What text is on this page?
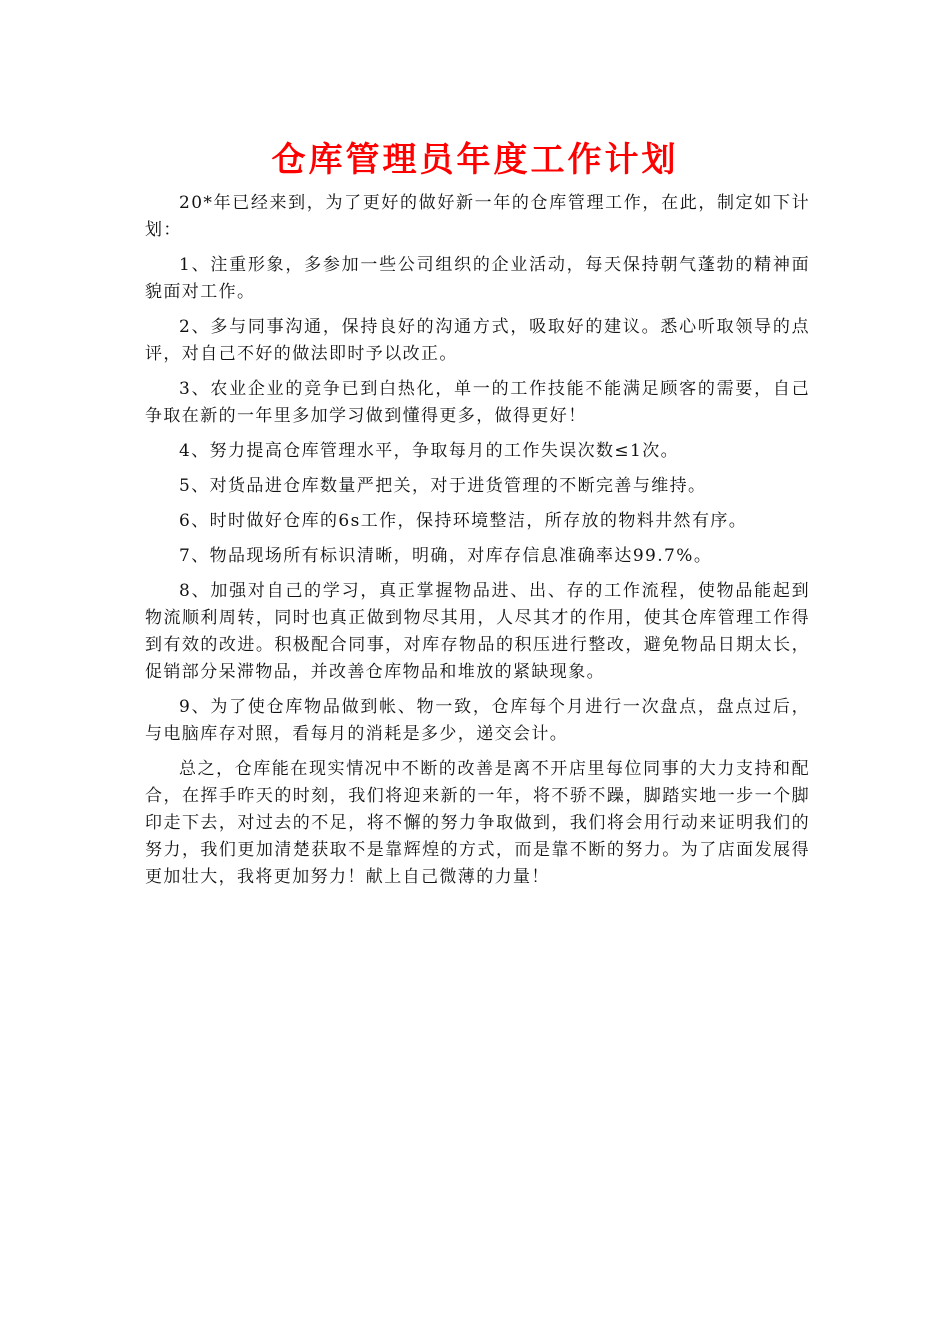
仓库管理员年度工作计划

20*年已经来到，为了更好的做好新一年的仓库管理工作，在此，制定如下计划：

1、注重形象，多参加一些公司组织的企业活动，每天保持朝气蓬勃的精神面貌面对工作。

2、多与同事沟通，保持良好的沟通方式，吸取好的建议。悉心听取领导的点评，对自己不好的做法即时予以改正。

3、农业企业的竞争已到白热化，单一的工作技能不能满足顾客的需要，自己争取在新的一年里多加学习做到懂得更多，做得更好！

4、努力提高仓库管理水平，争取每月的工作失误次数≤1次。

5、对货品进仓库数量严把关，对于进货管理的不断完善与维持。

6、时时做好仓库的6s工作，保持环境整洁，所存放的物料井然有序。

7、物品现场所有标识清晰，明确，对库存信息准确率达99.7%。

8、加强对自己的学习，真正掌握物品进、出、存的工作流程，使物品能起到物流顺利周转，同时也真正做到物尽其用，人尽其才的作用，使其仓库管理工作得到有效的改进。积极配合同事，对库存物品的积压进行整改，避免物品日期太长，促销部分呆滞物品，并改善仓库物品和堆放的紧缺现象。

9、为了使仓库物品做到帐、物一致，仓库每个月进行一次盘点，盘点过后，与电脑库存对照，看每月的消耗是多少，递交会计。

总之，仓库能在现实情况中不断的改善是离不开店里每位同事的大力支持和配合，在挥手昨天的时刻，我们将迎来新的一年，将不骄不躁，脚踏实地一步一个脚印走下去，对过去的不足，将不懈的努力争取做到，我们将会用行动来证明我们的努力，我们更加清楚获取不是靠辉煌的方式，而是靠不断的努力。为了店面发展得更加壮大，我将更加努力！献上自己微薄的力量！
